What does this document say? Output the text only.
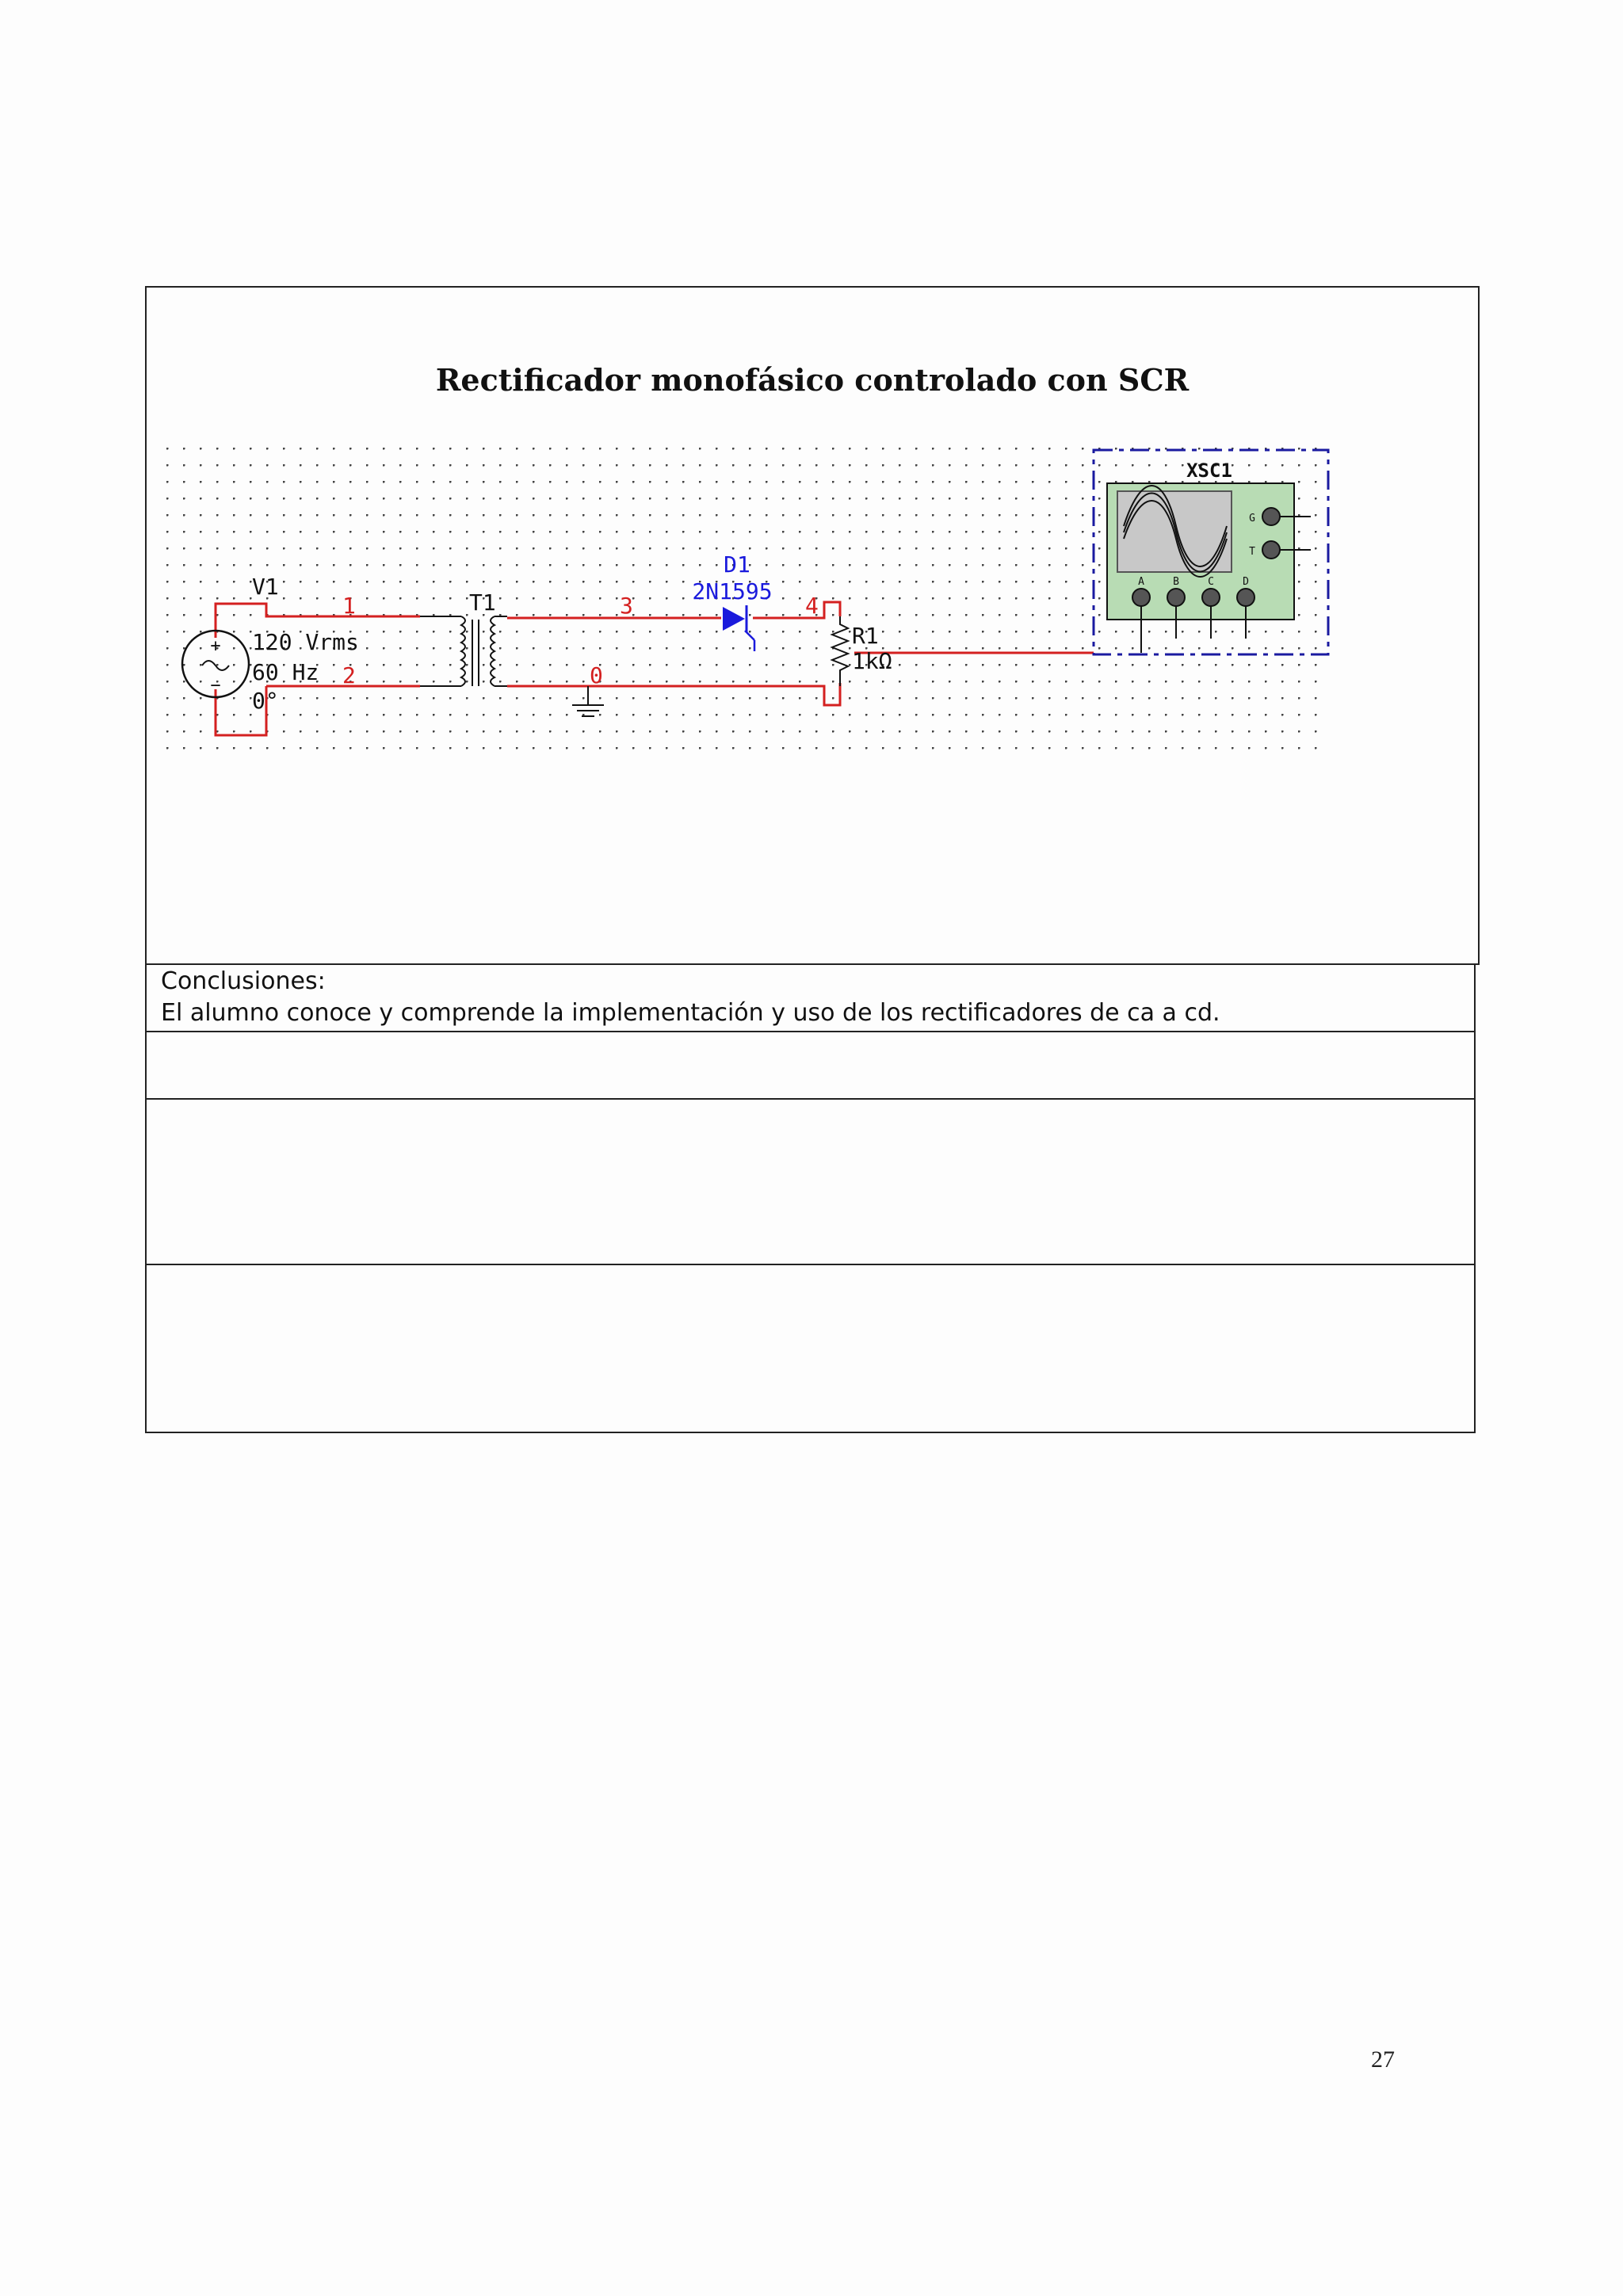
Rectificador monofásico controlado con SCR
+
−
XSC1
G
T
A	B	C	D
V1
120 Vrms
60 Hz
0°
T1
D1
2N1595
R1
1kΩ
1
2
3	4
0
Conclusiones:
El alumno conoce y comprende la implementación y uso de los rectificadores de ca a cd.
27
